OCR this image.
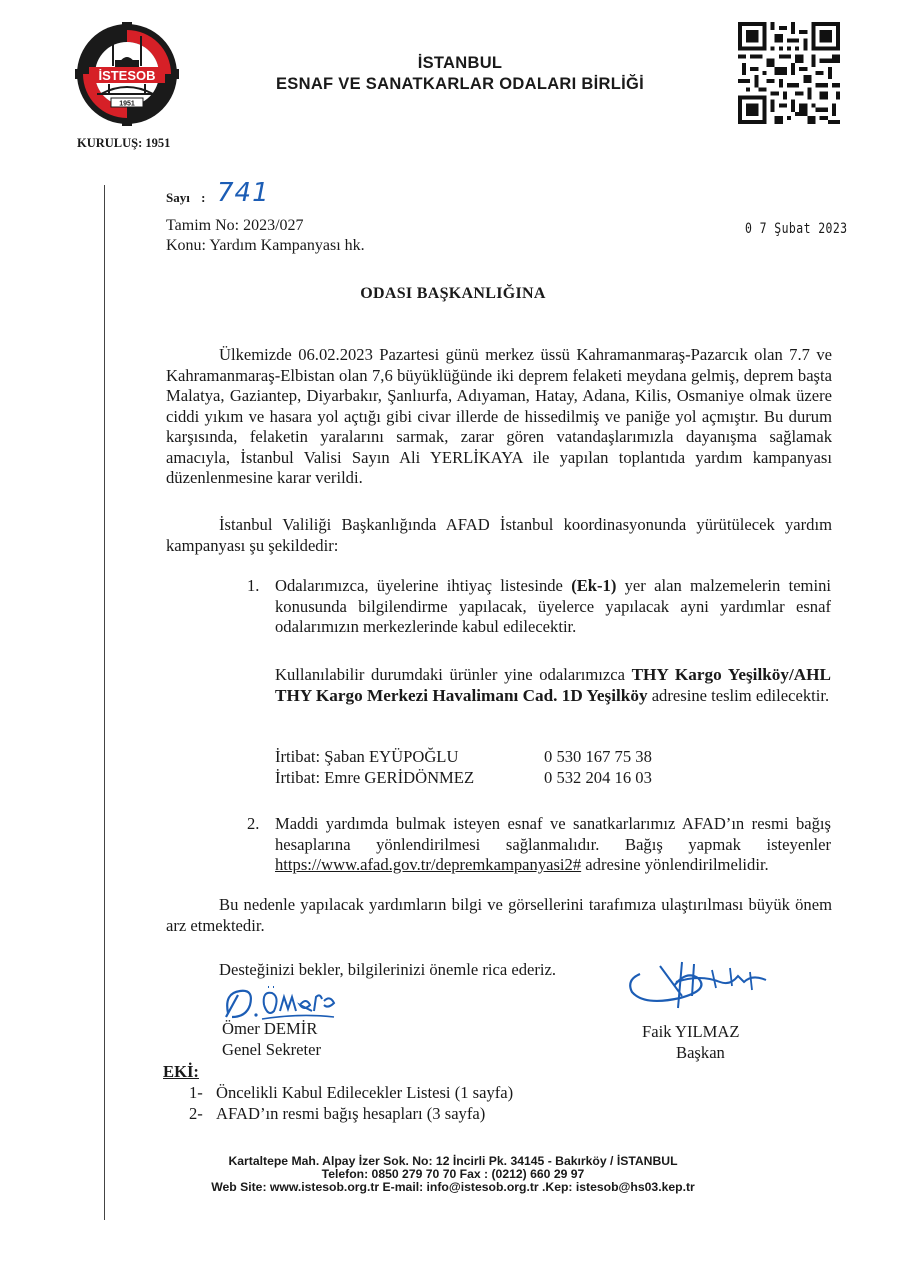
İSTESOB
1951
İSTANBUL
ESNAF VE SANATKARLAR ODALARI BİRLİĞİ
KURULUŞ: 1951
Sayı : 741
Tamim No: 2023/027
Konu: Yardım Kampanyası hk.
0 7 Şubat 2023
ODASI BAŞKANLIĞINA
Ülkemizde 06.02.2023 Pazartesi günü merkez üssü Kahramanmaraş-Pazarcık olan 7.7 ve Kahramanmaraş-Elbistan olan 7,6 büyüklüğünde iki deprem felaketi meydana gelmiş, deprem başta Malatya, Gaziantep, Diyarbakır, Şanlıurfa, Adıyaman, Hatay, Adana, Kilis, Osmaniye olmak üzere ciddi yıkım ve hasara yol açtığı gibi civar illerde de hissedilmiş ve paniğe yol açmıştır. Bu durum karşısında, felaketin yaralarını sarmak, zarar gören vatandaşlarımızla dayanışma sağlamak amacıyla, İstanbul Valisi Sayın Ali YERLİKAYA ile yapılan toplantıda yardım kampanyası düzenlenmesine karar verildi.
İstanbul Valiliği Başkanlığında AFAD İstanbul koordinasyonunda yürütülecek yardım kampanyası şu şekildedir:
1. Odalarımızca, üyelerine ihtiyaç listesinde (Ek-1) yer alan malzemelerin temini konusunda bilgilendirme yapılacak, üyelerce yapılacak ayni yardımlar esnaf odalarımızın merkezlerinde kabul edilecektir.
Kullanılabilir durumdaki ürünler yine odalarımızca THY Kargo Yeşilköy/AHL THY Kargo Merkezi Havalimanı Cad. 1D Yeşilköy adresine teslim edilecektir.
İrtibat: Şaban EYÜPOĞLU	0 530 167 75 38
İrtibat: Emre GERİDÖNMEZ	0 532 204 16 03
2. Maddi yardımda bulmak isteyen esnaf ve sanatkarlarımız AFAD’ın resmi bağış hesaplarına yönlendirilmesi sağlanmalıdır. Bağış yapmak isteyenler https://www.afad.gov.tr/depremkampanyasi2# adresine yönlendirilmelidir.
Bu nedenle yapılacak yardımların bilgi ve görsellerini tarafımıza ulaştırılması büyük önem arz etmektedir.
Desteğinizi bekler, bilgilerinizi önemle rica ederiz.
Ömer DEMİR
Genel Sekreter
Faik YILMAZ
Başkan
EKİ:
1- Öncelikli Kabul Edilecekler Listesi (1 sayfa)
2- AFAD’ın resmi bağış hesapları (3 sayfa)
Kartaltepe Mah. Alpay İzer Sok. No: 12 İncirli Pk. 34145 - Bakırköy / İSTANBUL
Telefon: 0850 279 70 70 Fax : (0212) 660 29 97
Web Site: www.istesob.org.tr E-mail: info@istesob.org.tr .Kep: istesob@hs03.kep.tr
